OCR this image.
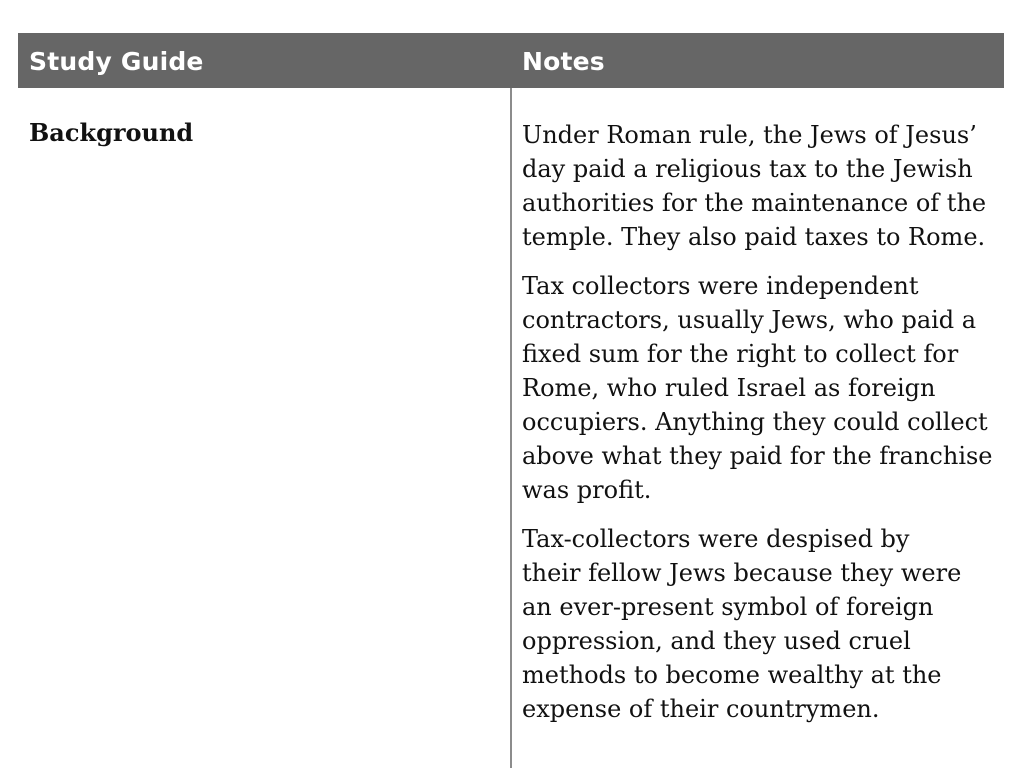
Study Guide	Notes
Background	Under Roman rule, the Jews of Jesus’
day paid a religious tax to the Jewish
authorities for the maintenance of the
temple. They also paid taxes to Rome.

Tax collectors were independent
contractors, usually Jews, who paid a
fixed sum for the right to collect for
Rome, who ruled Israel as foreign
occupiers. Anything they could collect
above what they paid for the franchise
was profit.

Tax-collectors were despised by
their fellow Jews because they were
an ever-present symbol of foreign
oppression, and they used cruel
methods to become wealthy at the
expense of their countrymen.
